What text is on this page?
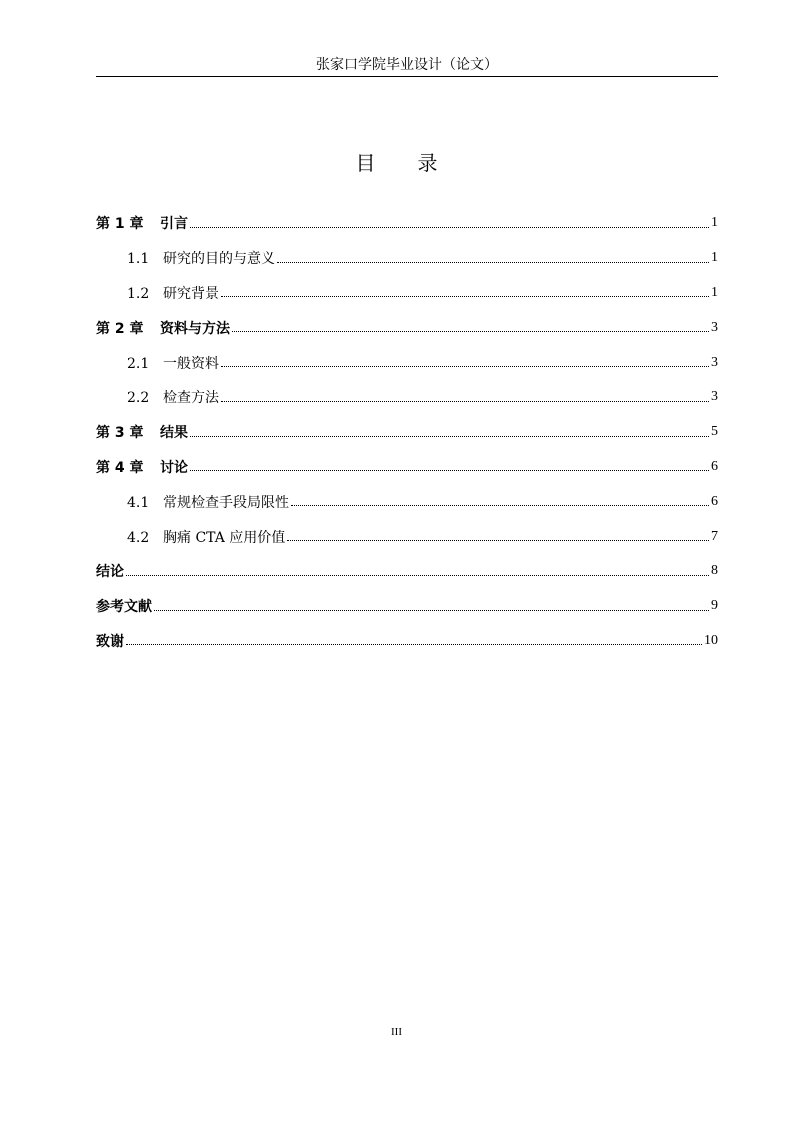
张家口学院毕业设计（论文）
目 录
第 1 章	引言	1
1.1 研究的目的与意义	1
1.2 研究背景	1
第 2 章	资料与方法	3
2.1 一般资料	3
2.2 检查方法	3
第 3 章	结果	5
第 4 章	讨论	6
4.1 常规检查手段局限性	6
4.2 胸痛 CTA 应用价值	7
结论	8
参考文献	9
致谢	10
III
